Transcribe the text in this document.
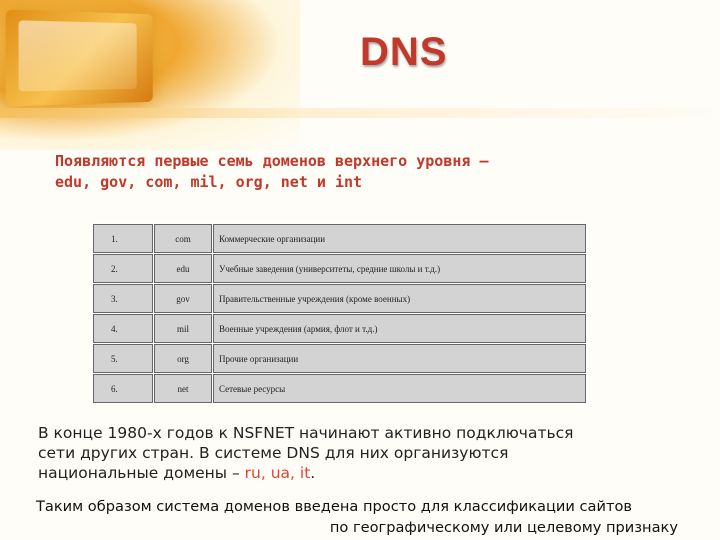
DNS
Появляются первые семь доменов верхнего уровня —
edu, gov, com, mil, org, net и int
1.	com	Коммерческие организации
2.	edu	Учебные заведения (университеты, средние школы и т.д.)
3.	gov	Правительственные учреждения (кроме военных)
4.	mil	Военные учреждения (армия, флот и т.д.)
5.	org	Прочие организации
6.	net	Сетевые ресурсы
В конце 1980-х годов к NSFNET начинают активно подключаться
сети других стран. В системе DNS для них организуются
национальные домены – ru, ua, it.
Таким образом система доменов введена просто для классификации сайтов
по географическому или целевому признаку
